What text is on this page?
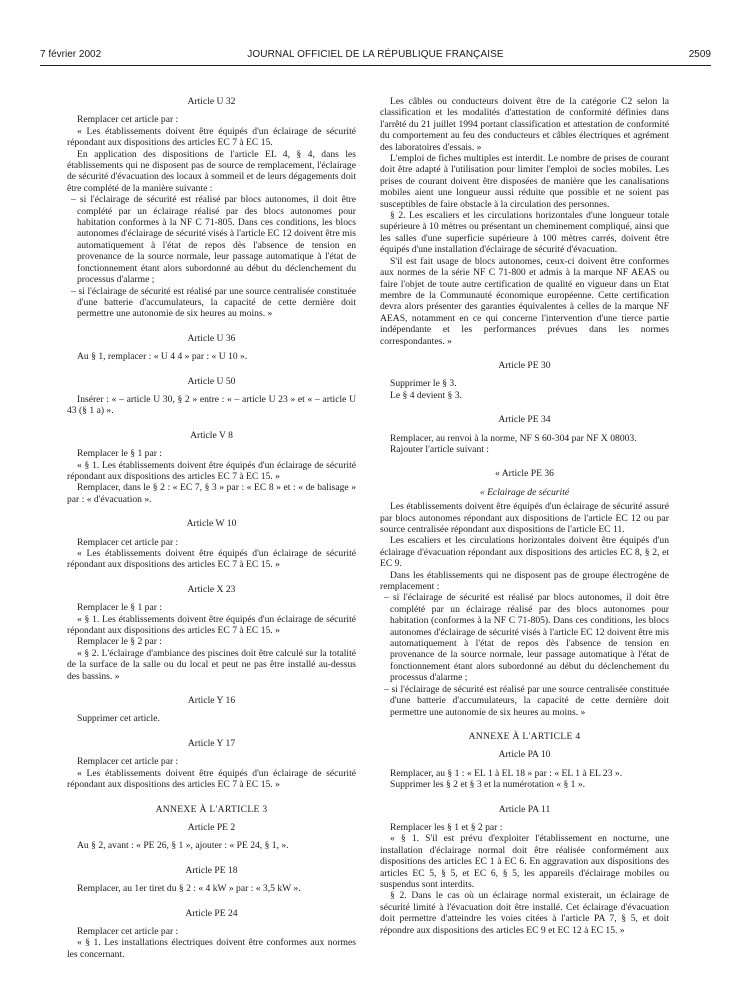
7 février 2002	JOURNAL OFFICIEL DE LA RÉPUBLIQUE FRANÇAISE	2509

Article U 32

Remplacer cet article par :

« Les établissements doivent être équipés d'un éclairage de sécurité répondant aux dispositions des articles EC 7 à EC 15.

En application des dispositions de l'article EL 4, § 4, dans les établissements qui ne disposent pas de source de remplacement, l'éclairage de sécurité d'évacuation des locaux à sommeil et de leurs dégagements doit être complété de la manière suivante :

– si l'éclairage de sécurité est réalisé par blocs autonomes, il doit être complété par un éclairage réalisé par des blocs autonomes pour habitation conformes à la NF C 71-805. Dans ces conditions, les blocs autonomes d'éclairage de sécurité visés à l'article EC 12 doivent être mis automatiquement à l'état de repos dès l'absence de tension en provenance de la source normale, leur passage automatique à l'état de fonctionnement étant alors subordonné au début du déclenchement du processus d'alarme ;

– si l'éclairage de sécurité est réalisé par une source centralisée constituée d'une batterie d'accumulateurs, la capacité de cette dernière doit permettre une autonomie de six heures au moins. »

Article U 36

Au § 1, remplacer : « U 4 4 » par : « U 10 ».

Article U 50

Insérer : « – article U 30, § 2 » entre : « – article U 23 » et « – article U 43 (§ 1 a) ».

Article V 8

Remplacer le § 1 par :

« § 1. Les établissements doivent être équipés d'un éclairage de sécurité répondant aux dispositions des articles EC 7 à EC 15. »

Remplacer, dans le § 2 : « EC 7, § 3 » par : « EC 8 » et : « de balisage » par : « d'évacuation ».

Article W 10

Remplacer cet article par :

« Les établissements doivent être équipés d'un éclairage de sécurité répondant aux dispositions des articles EC 7 à EC 15. »

Article X 23

Remplacer le § 1 par :

« § 1. Les établissements doivent être équipés d'un éclairage de sécurité répondant aux dispositions des articles EC 7 à EC 15. »

Remplacer le § 2 par :

« § 2. L'éclairage d'ambiance des piscines doit être calculé sur la totalité de la surface de la salle ou du local et peut ne pas être installé au-dessus des bassins. »

Article Y 16

Supprimer cet article.

Article Y 17

Remplacer cet article par :

« Les établissements doivent être équipés d'un éclairage de sécurité répondant aux dispositions des articles EC 7 à EC 15. »

ANNEXE À L'ARTICLE 3

Article PE 2

Au § 2, avant : « PE 26, § 1 », ajouter : « PE 24, § 1, ».

Article PE 18

Remplacer, au 1er tiret du § 2 : « 4 kW » par : « 3,5 kW ».

Article PE 24

Remplacer cet article par :

« § 1. Les installations électriques doivent être conformes aux normes les concernant.

Les câbles ou conducteurs doivent être de la catégorie C2 selon la classification et les modalités d'attestation de conformité définies dans l'arrêté du 21 juillet 1994 portant classification et attestation de conformité du comportement au feu des conducteurs et câbles électriques et agrément des laboratoires d'essais. »

L'emploi de fiches multiples est interdit. Le nombre de prises de courant doit être adapté à l'utilisation pour limiter l'emploi de socles mobiles. Les prises de courant doivent être disposées de manière que les canalisations mobiles aient une longueur aussi réduite que possible et ne soient pas susceptibles de faire obstacle à la circulation des personnes.

§ 2. Les escaliers et les circulations horizontales d'une longueur totale supérieure à 10 mètres ou présentant un cheminement compliqué, ainsi que les salles d'une superficie supérieure à 100 mètres carrés, doivent être équipés d'une installation d'éclairage de sécurité d'évacuation.

S'il est fait usage de blocs autonomes, ceux-ci doivent être conformes aux normes de la série NF C 71-800 et admis à la marque NF AEAS ou faire l'objet de toute autre certification de qualité en vigueur dans un Etat membre de la Communauté économique européenne. Cette certification devra alors présenter des garanties équivalentes à celles de la marque NF AEAS, notamment en ce qui concerne l'intervention d'une tierce partie indépendante et les performances prévues dans les normes correspondantes. »

Article PE 30

Supprimer le § 3.

Le § 4 devient § 3.

Article PE 34

Remplacer, au renvoi à la norme, NF S 60-304 par NF X 08003.

Rajouter l'article suivant :

« Article PE 36

« Eclairage de sécurité

Les établissements doivent être équipés d'un éclairage de sécurité assuré par blocs autonomes répondant aux dispositions de l'article EC 12 ou par source centralisée répondant aux dispositions de l'article EC 11.

Les escaliers et les circulations horizontales doivent être équipés d'un éclairage d'évacuation répondant aux dispositions des articles EC 8, § 2, et EC 9.

Dans les établissements qui ne disposent pas de groupe électrogène de remplacement :

– si l'éclairage de sécurité est réalisé par blocs autonomes, il doit être complété par un éclairage réalisé par des blocs autonomes pour habitation (conformes à la NF C 71-805). Dans ces conditions, les blocs autonomes d'éclairage de sécurité visés à l'article EC 12 doivent être mis automatiquement à l'état de repos dès l'absence de tension en provenance de la source normale, leur passage automatique à l'état de fonctionnement étant alors subordonné au début du déclenchement du processus d'alarme ;

– si l'éclairage de sécurité est réalisé par une source centralisée constituée d'une batterie d'accumulateurs, la capacité de cette dernière doit permettre une autonomie de six heures au moins. »

ANNEXE À L'ARTICLE 4

Article PA 10

Remplacer, au § 1 : « EL 1 à EL 18 » par : « EL 1 à EL 23 ».

Supprimer les § 2 et § 3 et la numérotation « § 1 ».

Article PA 11

Remplacer les § 1 et § 2 par :

« § 1. S'il est prévu d'exploiter l'établissement en nocturne, une installation d'éclairage normal doit être réalisée conformément aux dispositions des articles EC 1 à EC 6. En aggravation aux dispositions des articles EC 5, § 5, et EC 6, § 5, les appareils d'éclairage mobiles ou suspendus sont interdits.

§ 2. Dans le cas où un éclairage normal existerait, un éclairage de sécurité limité à l'évacuation doit être installé. Cet éclairage d'évacuation doit permettre d'atteindre les voies citées à l'article PA 7, § 5, et doit répondre aux dispositions des articles EC 9 et EC 12 à EC 15. »
